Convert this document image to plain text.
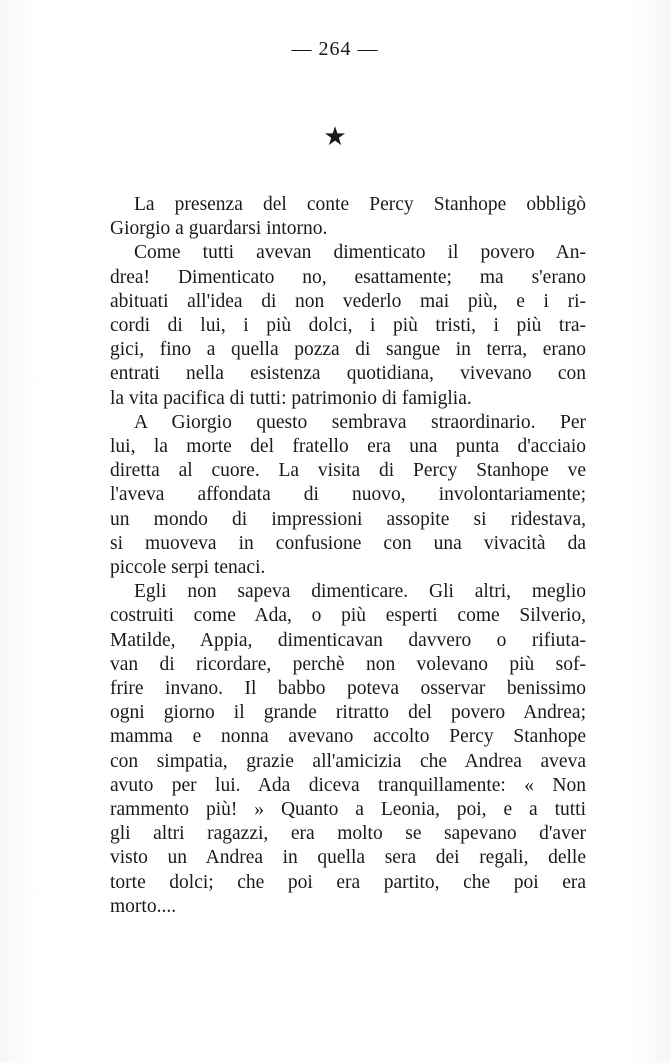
— 264 —
★
La presenza del conte Percy Stanhope obbligò
Giorgio a guardarsi intorno.
Come tutti avevan dimenticato il povero An-
drea! Dimenticato no, esattamente; ma s'erano
abituati all'idea di non vederlo mai più, e i ri-
cordi di lui, i più dolci, i più tristi, i più tra-
gici, fino a quella pozza di sangue in terra, erano
entrati nella esistenza quotidiana, vivevano con
la vita pacifica di tutti: patrimonio di famiglia.
A Giorgio questo sembrava straordinario. Per
lui, la morte del fratello era una punta d'acciaio
diretta al cuore. La visita di Percy Stanhope ve
l'aveva affondata di nuovo, involontariamente;
un mondo di impressioni assopite si ridestava,
si muoveva in confusione con una vivacità da
piccole serpi tenaci.
Egli non sapeva dimenticare. Gli altri, meglio
costruiti come Ada, o più esperti come Silverio,
Matilde, Appia, dimenticavan davvero o rifiuta-
van di ricordare, perchè non volevano più sof-
frire invano. Il babbo poteva osservar benissimo
ogni giorno il grande ritratto del povero Andrea;
mamma e nonna avevano accolto Percy Stanhope
con simpatia, grazie all'amicizia che Andrea aveva
avuto per lui. Ada diceva tranquillamente: « Non
rammento più! » Quanto a Leonia, poi, e a tutti
gli altri ragazzi, era molto se sapevano d'aver
visto un Andrea in quella sera dei regali, delle
torte dolci; che poi era partito, che poi era
morto....
